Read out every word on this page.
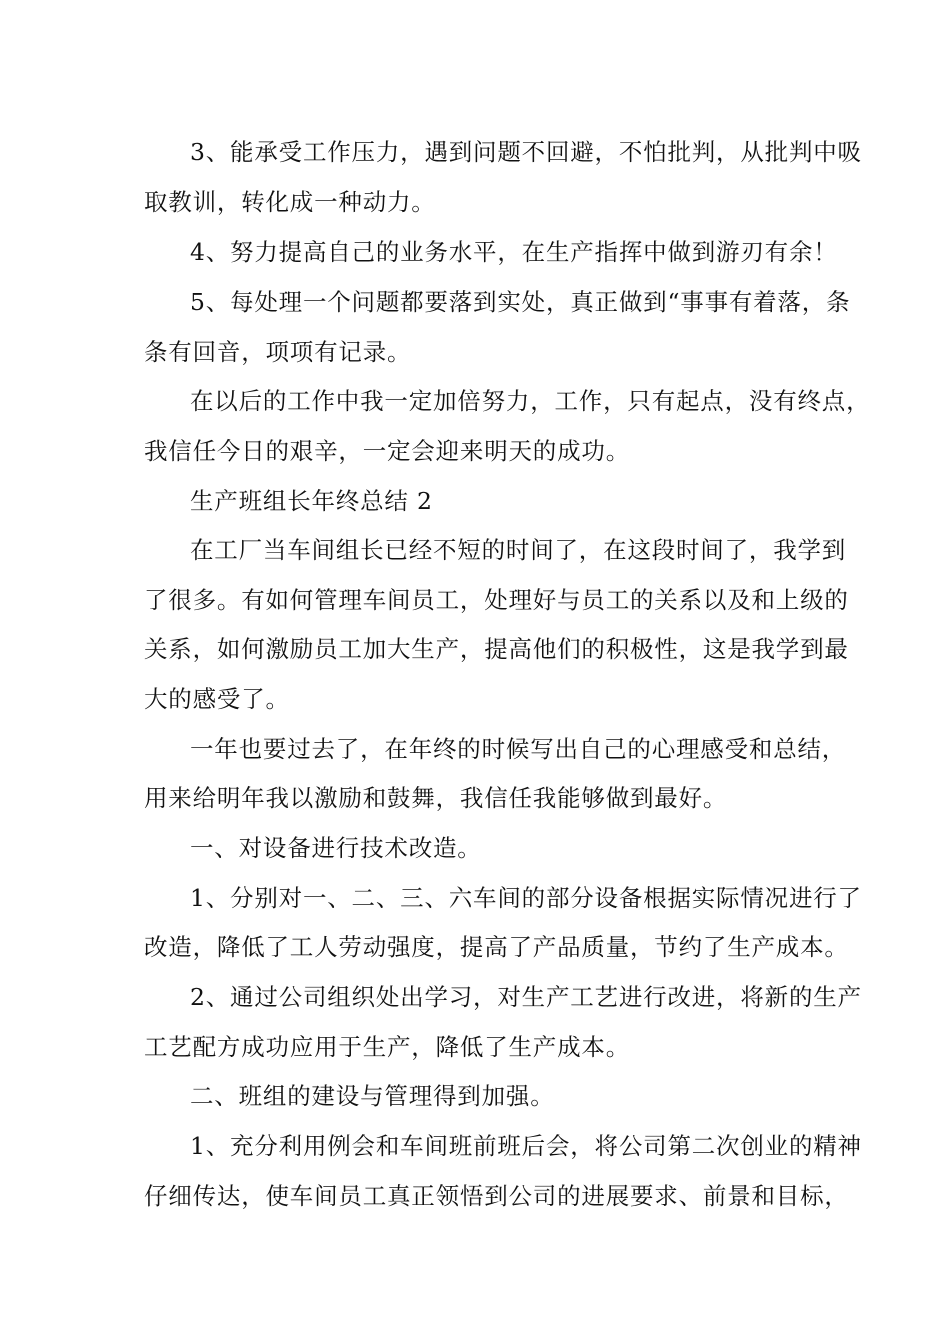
3、能承受工作压力，遇到问题不回避，不怕批判，从批判中吸

取教训，转化成一种动力。

4、努力提高自己的业务水平，在生产指挥中做到游刃有余！

5、每处理一个问题都要落到实处，真正做到“事事有着落，条

条有回音，项项有记录。

在以后的工作中我一定加倍努力，工作，只有起点，没有终点，

我信任今日的艰辛，一定会迎来明天的成功。

生产班组长年终总结 2

在工厂当车间组长已经不短的时间了，在这段时间了，我学到

了很多。有如何管理车间员工，处理好与员工的关系以及和上级的

关系，如何激励员工加大生产，提高他们的积极性，这是我学到最

大的感受了。

一年也要过去了，在年终的时候写出自己的心理感受和总结，

用来给明年我以激励和鼓舞，我信任我能够做到最好。

一、对设备进行技术改造。

1、分别对一、二、三、六车间的部分设备根据实际情况进行了

改造，降低了工人劳动强度，提高了产品质量，节约了生产成本。

2、通过公司组织处出学习，对生产工艺进行改进，将新的生产

工艺配方成功应用于生产，降低了生产成本。

二、班组的建设与管理得到加强。

1、充分利用例会和车间班前班后会，将公司第二次创业的精神

仔细传达，使车间员工真正领悟到公司的进展要求、前景和目标，
